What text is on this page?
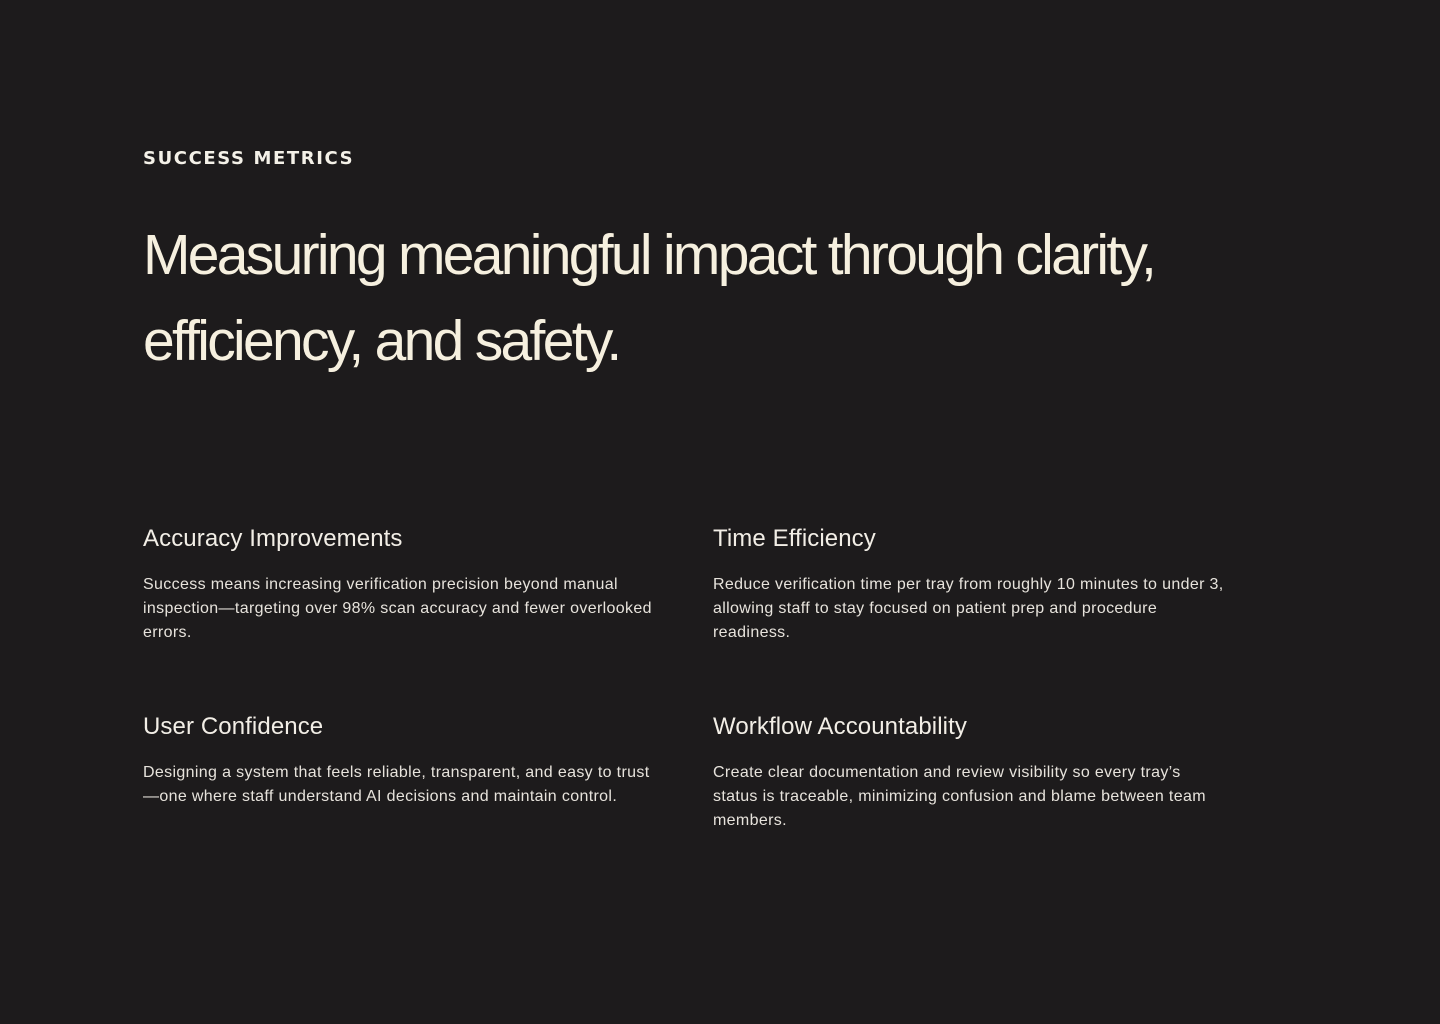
SUCCESS METRICS
Measuring meaningful impact through clarity, efficiency, and safety.
Accuracy Improvements

Success means increasing verification precision beyond manual inspection—targeting over 98% scan accuracy and fewer overlooked errors.

Time Efficiency

Reduce verification time per tray from roughly 10 minutes to under 3, allowing staff to stay focused on patient prep and procedure readiness.

User Confidence

Designing a system that feels reliable, transparent, and easy to trust—one where staff understand AI decisions and maintain control.

Workflow Accountability

Create clear documentation and review visibility so every tray’s status is traceable, minimizing confusion and blame between team members.
